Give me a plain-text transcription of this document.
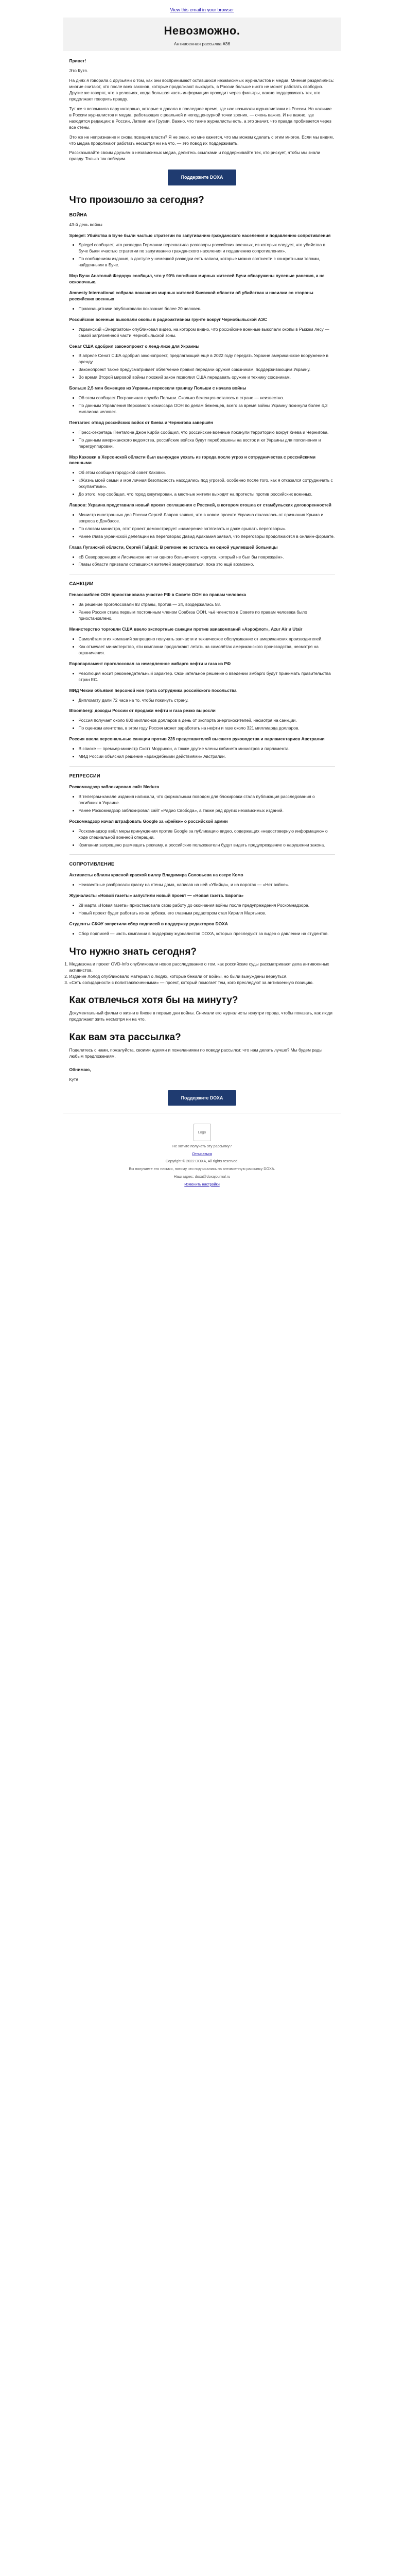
View this email in your browser
Невозможно.
Антивоенная рассылка #36

Привет!

Это Кутя.

На днях я говорила с друзьями о том, как они воспринимают оставшихся независимых журналистов и медиа. Мнения разделились: многие считают, что после всех законов, которые продолжают выходить, в России больше никто не может работать свободно. Другие же говорят, что в условиях, когда большая часть информации проходит через фильтры, важно поддерживать тех, кто продолжает говорить правду.

Тут же я вспомнила пару интервью, которые я давала в последнее время, где нас называли журналистами из России. Но наличие в России журналистов и медиа, работающих с реальной и неподцензурной точки зрения, — очень важно. И не важно, где находятся редакции: в России, Латвии или Грузии. Важно, что такие журналисты есть, а это значит, что правда пробивается через все стены.

Это же не непризнание и снова позиция власти? Я не знаю, но мне кажется, что мы можем сделать с этим многое. Если мы видим, что медиа продолжают работать несмотря ни на что, — это повод их поддерживать.

Рассказывайте своим друзьям о независимых медиа, делитесь ссылками и поддерживайте тех, кто рискует, чтобы мы знали правду. Только так победим.

Поддержите DOXA
Что произошло за сегодня?
ВОЙНА

43-й день войны

Spiegel: Убийства в Буче были частью стратегии по запугиванию гражданского населения и подавлению сопротивления

• Spiegel сообщает, что разведка Германии перехватила разговоры российских военных, из которых следует, что убийства в Буче были «частью стратегии по запугиванию гражданского населения и подавлению сопротивления».
• По сообщениям издания, в доступе у немецкой разведки есть записи, которые можно соотнести с конкретными телами, найденными в Буче.

Мэр Бучи Анатолий Федорук сообщил, что у 90% погибших мирных жителей Бучи обнаружены пулевые ранения, а не осколочные.

Amnesty International собрала показания мирных жителей Киевской области об убийствах и насилии со стороны российских военных

• Правозащитники опубликовали показания более 20 человек.

Российские военные выкопали окопы в радиоактивном грунте вокруг Чернобыльской АЭС

• Украинский «Энергоатом» опубликовал видео, на котором видно, что российские военные выкопали окопы в Рыжем лесу — самой загрязнённой части Чернобыльской зоны.

Сенат США одобрил законопроект о ленд-лизе для Украины

• В апреле Сенат США одобрил законопроект, предлагающий ещё в 2022 году передать Украине американское вооружение в аренду.
• Законопроект также предусматривает облегчение правил передачи оружия союзникам, поддерживающим Украину.
• Во время Второй мировой войны похожий закон позволил США передавать оружие и технику союзникам.

Больше 2,5 млн беженцев из Украины пересекли границу Польши с начала войны

• Об этом сообщает Пограничная служба Польши. Сколько беженцев осталось в стране — неизвестно.
• По данным Управления Верховного комиссара ООН по делам беженцев, всего за время войны Украину покинули более 4,3 миллиона человек.

Пентагон: отвод российских войск от Киева и Чернигова завершён

• Пресс-секретарь Пентагона Джон Кирби сообщил, что российские военные покинули территорию вокруг Киева и Чернигова.
• По данным американского ведомства, российские войска будут переброшены на восток и юг Украины для пополнения и перегруппировки.

Мэр Каховки в Херсонской области был вынужден уехать из города после угроз и сотрудничества с российскими военными

• Об этом сообщил городской совет Каховки.
• «Жизнь моей семьи и моя личная безопасность находились под угрозой, особенно после того, как я отказался сотрудничать с оккупантами».
• До этого, мэр сообщал, что город оккупирован, а местные жители выходят на протесты против российских военных.

Лавров: Украина представила новый проект соглашения с Россией, в котором отошла от стамбульских договоренностей

• Министр иностранных дел России Сергей Лавров заявил, что в новом проекте Украина отказалась от признания Крыма и вопроса о Донбассе.
• По словам министра, этот проект демонстрирует «намерение затягивать и даже срывать переговоры».
• Ранее глава украинской делегации на переговорах Давид Арахамия заявил, что переговоры продолжаются в онлайн-формате.

Глава Луганской области, Сергей Гайдай: В регионе не осталось ни одной уцелевшей больницы

• «В Северодонецке и Лисичанске нет ни одного больничного корпуса, который не был бы повреждён».
• Главы области призвали оставшихся жителей эвакуироваться, пока это ещё возможно.
САНКЦИИ

Генассамблея ООН приостановила участие РФ в Совете ООН по правам человека

• За решение проголосовали 93 страны, против — 24, воздержались 58.
• Ранее Россия стала первым постоянным членом Совбеза ООН, чьё членство в Совете по правам человека было приостановлено.

Министерство торговли США ввело экспортные санкции против авиакомпаний «Аэрофлот», Azur Air и Utair

• Самолётам этих компаний запрещено получать запчасти и техническое обслуживание от американских производителей.
• Как отмечает министерство, эти компании продолжают летать на самолётах американского производства, несмотря на ограничения.

Европарламент проголосовал за немедленное эмбарго нефти и газа из РФ

• Резолюция носит рекомендательный характер. Окончательное решение о введении эмбарго будут принимать правительства стран ЕС.

МИД Чехии объявил персоной нон грата сотрудника российского посольства

• Дипломату дали 72 часа на то, чтобы покинуть страну.

Bloomberg: доходы России от продажи нефти и газа резко выросли

• Россия получает около 800 миллионов долларов в день от экспорта энергоносителей, несмотря на санкции.
• По оценкам агентства, в этом году Россия может заработать на нефти и газе около 321 миллиарда долларов.

Россия ввела персональные санкции против 228 представителей высшего руководства и парламентариев Австралии

• В списке — премьер-министр Скотт Моррисон, а также другие члены кабинета министров и парламента.
• МИД России объяснил решение «враждебными действиями» Австралии.
РЕПРЕССИИ

Роскомнадзор заблокировал сайт Meduza

• В телеграм-канале издания написали, что формальным поводом для блокировки стала публикация расследования о погибших в Украине.
• Ранее Роскомнадзор заблокировал сайт «Радио Свобода», а также ряд других независимых изданий.

Роскомнадзор начал штрафовать Google за «фейки» о российской армии

• Роскомнадзор ввёл меры принуждения против Google за публикацию видео, содержащих «недостоверную информацию» о ходе специальной военной операции.
• Компании запрещено размещать рекламу, а российские пользователи будут видеть предупреждение о нарушении закона.
СОПРОТИВЛЕНИЕ

Активисты облили красной краской виллу Владимира Соловьева на озере Комо

• Неизвестные разбросали краску на стены дома, написав на ней «Убийца», и на воротах — «Нет войне».

Журналисты «Новой газеты» запустили новый проект — «Новая газета. Европа»

• 28 марта «Новая газета» приостановила свою работу до окончания войны после предупреждения Роскомнадзора.
• Новый проект будет работать из-за рубежа, его главным редактором стал Кирилл Мартынов.

Студенты СКФУ запустили сбор подписей в поддержку редакторов DOXA

• Сбор подписей — часть кампании в поддержку журналистов DOXA, которых преследуют за видео о давлении на студентов.
Что нужно знать сегодня?
1. Медиазона и проект OVD-Info опубликовали новое расследование о том, как российские суды рассматривают дела антивоенных активистов.
2. Издание Холод опубликовало материал о людях, которые бежали от войны, но были вынуждены вернуться.
3. «Сеть солидарности с политзаключенными» — проект, который помогает тем, кого преследуют за антивоенную позицию.
Как отвлечься хотя бы на минуту?

Документальный фильм о жизни в Киеве в первые дни войны. Снимали его журналисты изнутри города, чтобы показать, как люди продолжают жить несмотря ни на что.

Как вам эта рассылка?

Поделитесь с нами, пожалуйста, своими идеями и пожеланиями по поводу рассылки: что нам делать лучше? Мы будем рады любым предложениям.

Обнимаю,

Кутя

Поддержите DOXA
Logo

Не хотите получать эту рассылку?

Отписаться

Copyright © 2022 DOXA, All rights reserved.

Вы получаете это письмо, потому что подписались на антивоенную рассылку DOXA.

Наш адрес: doxa@doxajournal.ru

Изменить настройки
